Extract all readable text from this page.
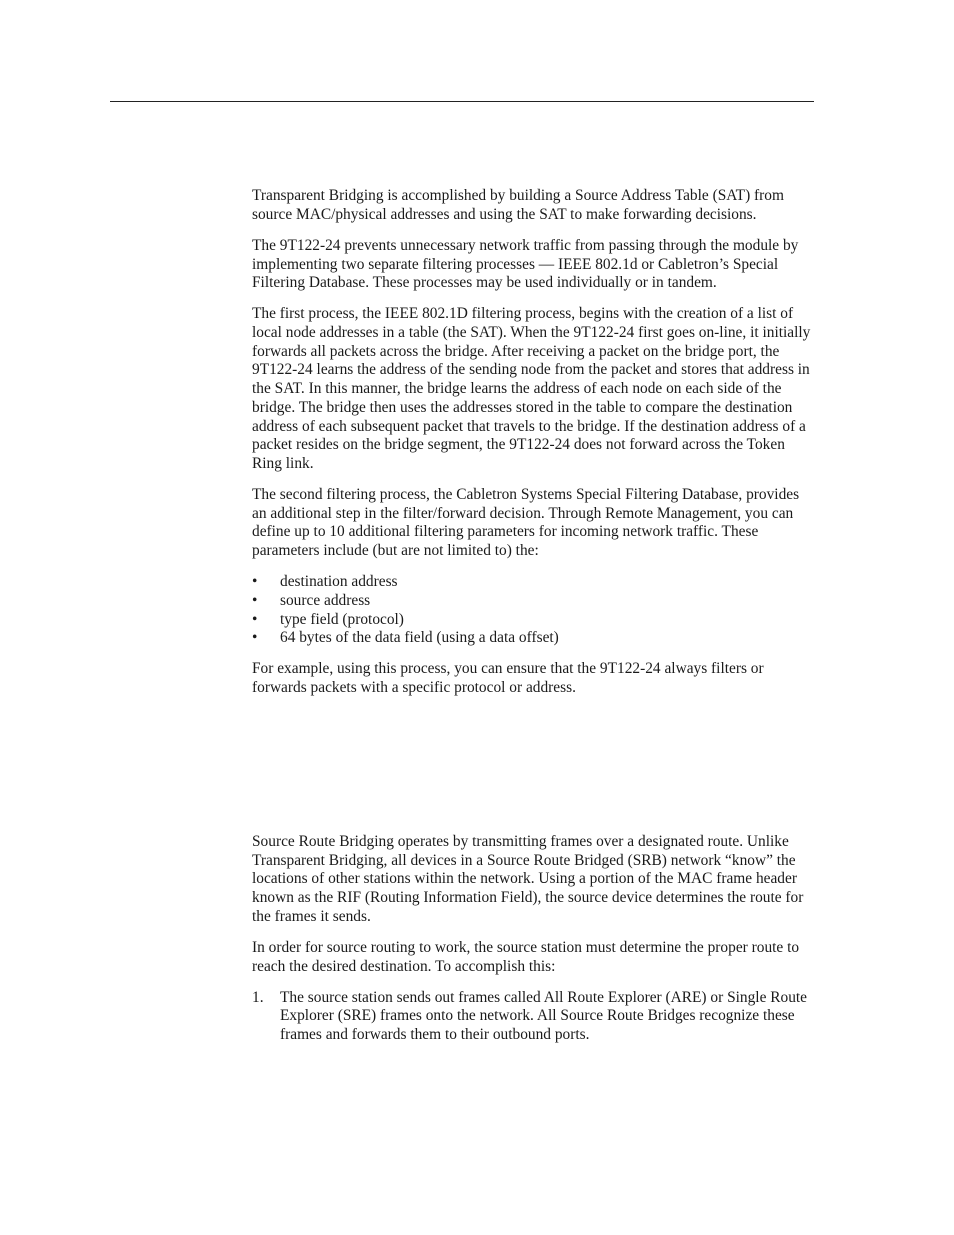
Transparent Bridging is accomplished by building a Source Address Table (SAT) from source MAC/physical addresses and using the SAT to make forwarding decisions.

The 9T122-24 prevents unnecessary network traffic from passing through the module by implementing two separate filtering processes — IEEE 802.1d or Cabletron’s Special Filtering Database. These processes may be used individually or in tandem.

The first process, the IEEE 802.1D filtering process, begins with the creation of a list of local node addresses in a table (the SAT). When the 9T122-24 first goes on-line, it initially forwards all packets across the bridge. After receiving a packet on the bridge port, the 9T122-24 learns the address of the sending node from the packet and stores that address in the SAT. In this manner, the bridge learns the address of each node on each side of the bridge. The bridge then uses the addresses stored in the table to compare the destination address of each subsequent packet that travels to the bridge. If the destination address of a packet resides on the bridge segment, the 9T122-24 does not forward across the Token Ring link.

The second filtering process, the Cabletron Systems Special Filtering Database, provides an additional step in the filter/forward decision. Through Remote Management, you can define up to 10 additional filtering parameters for incoming network traffic. These parameters include (but are not limited to) the:

• destination address
• source address
• type field (protocol)
• 64 bytes of the data field (using a data offset)

For example, using this process, you can ensure that the 9T122-24 always filters or forwards packets with a specific protocol or address.

Source Route Bridging operates by transmitting frames over a designated route. Unlike Transparent Bridging, all devices in a Source Route Bridged (SRB) network “know” the locations of other stations within the network. Using a portion of the MAC frame header known as the RIF (Routing Information Field), the source device determines the route for the frames it sends.

In order for source routing to work, the source station must determine the proper route to reach the desired destination. To accomplish this:

1. The source station sends out frames called All Route Explorer (ARE) or Single Route Explorer (SRE) frames onto the network. All Source Route Bridges recognize these frames and forwards them to their outbound ports.
